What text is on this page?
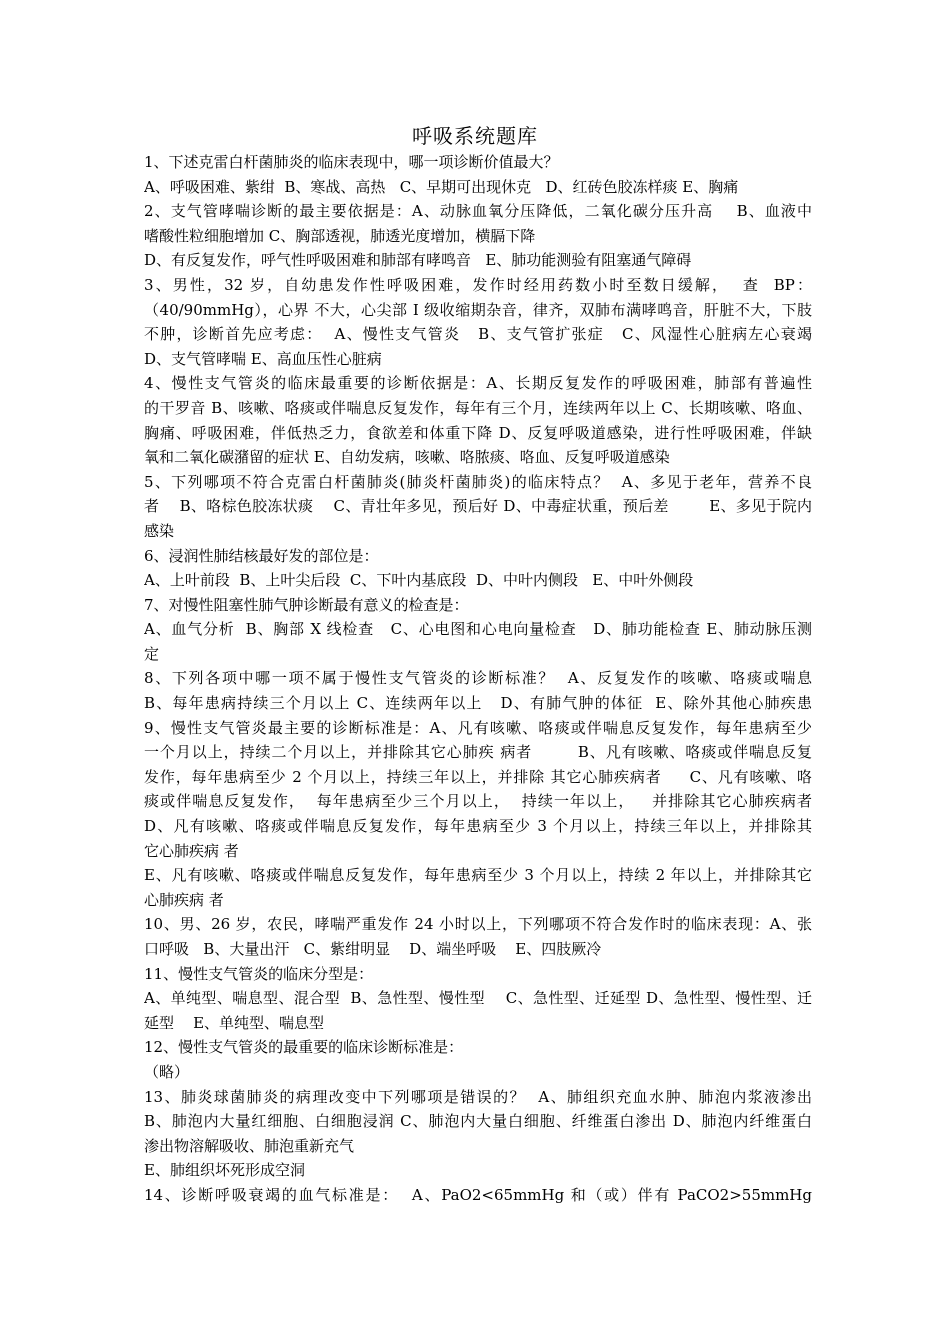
呼吸系统题库
1、下述克雷白杆菌肺炎的临床表现中，哪一项诊断价值最大？
A、呼吸困难、紫绀  B、寒战、高热   C、早期可出现休克   D、红砖色胶冻样痰 E、胸痛
2、支气管哮喘诊断的最主要依据是：A、动脉血氧分压降低，二氧化碳分压升高    B、血液中
嗜酸性粒细胞增加 C、胸部透视，肺透光度增加，横膈下降
D、有反复发作，呼气性呼吸困难和肺部有哮鸣音   E、肺功能测验有阻塞通气障碍
3、男性，32 岁，自幼患发作性呼吸困难，发作时经用药数小时至数日缓解，  查  BP：
（40/90mmHg），心界 不大，心尖部 I 级收缩期杂音，律齐，双肺布满哮鸣音，肝脏不大，下肢
不肿，诊断首先应考虑：  A、慢性支气管炎   B、支气管扩张症   C、风湿性心脏病左心衰竭
D、支气管哮喘 E、高血压性心脏病
4、慢性支气管炎的临床最重要的诊断依据是：A、长期反复发作的呼吸困难，肺部有普遍性
的干罗音 B、咳嗽、咯痰或伴喘息反复发作，每年有三个月，连续两年以上 C、长期咳嗽、咯血、
胸痛、呼吸困难，伴低热乏力，食欲差和体重下降 D、反复呼吸道感染，进行性呼吸困难，伴缺
氧和二氧化碳潴留的症状 E、自幼发病，咳嗽、咯脓痰、咯血、反复呼吸道感染
5、下列哪项不符合克雷白杆菌肺炎(肺炎杆菌肺炎)的临床特点？  A、多见于老年，营养不良
者    B、咯棕色胶冻状痰    C、青壮年多见，预后好 D、中毒症状重，预后差        E、多见于院内
感染
6、浸润性肺结核最好发的部位是：
A、上叶前段  B、上叶尖后段  C、下叶内基底段  D、中叶内侧段   E、中叶外侧段
7、对慢性阻塞性肺气肿诊断最有意义的检查是：
A、血气分析  B、胸部 X 线检查   C、心电图和心电向量检查   D、肺功能检查 E、肺动脉压测
定
8、下列各项中哪一项不属于慢性支气管炎的诊断标准？  A、反复发作的咳嗽、咯痰或喘息
B、每年患病持续三个月以上 C、连续两年以上   D、有肺气肿的体征  E、除外其他心肺疾患
9、慢性支气管炎最主要的诊断标准是：A、凡有咳嗽、咯痰或伴喘息反复发作，每年患病至少
一个月以上，持续二个月以上，并排除其它心肺疾 病者        B、凡有咳嗽、咯痰或伴喘息反复
发作，每年患病至少 2 个月以上，持续三年以上，并排除 其它心肺疾病者     C、凡有咳嗽、咯
痰或伴喘息反复发作，  每年患病至少三个月以上，  持续一年以上，   并排除其它心肺疾病者
D、凡有咳嗽、咯痰或伴喘息反复发作，每年患病至少 3 个月以上，持续三年以上，并排除其
它心肺疾病 者
E、凡有咳嗽、咯痰或伴喘息反复发作，每年患病至少 3 个月以上，持续 2 年以上，并排除其它
心肺疾病 者
10、男、26 岁，农民，哮喘严重发作 24 小时以上，下列哪项不符合发作时的临床表现：A、张
口呼吸   B、大量出汗   C、紫绀明显    D、端坐呼吸    E、四肢厥冷
11、慢性支气管炎的临床分型是：
A、单纯型、喘息型、混合型  B、急性型、慢性型    C、急性型、迁延型 D、急性型、慢性型、迁
延型    E、单纯型、喘息型
12、慢性支气管炎的最重要的临床诊断标准是：
（略）
13、肺炎球菌肺炎的病理改变中下列哪项是错误的？  A、肺组织充血水肿、肺泡内浆液渗出
B、肺泡内大量红细胞、白细胞浸润 C、肺泡内大量白细胞、纤维蛋白渗出 D、肺泡内纤维蛋白
渗出物溶解吸收、肺泡重新充气
E、肺组织坏死形成空洞
14、诊断呼吸衰竭的血气标准是：  A、PaO2<65mmHg 和（或）伴有 PaCO2>55mmHg
